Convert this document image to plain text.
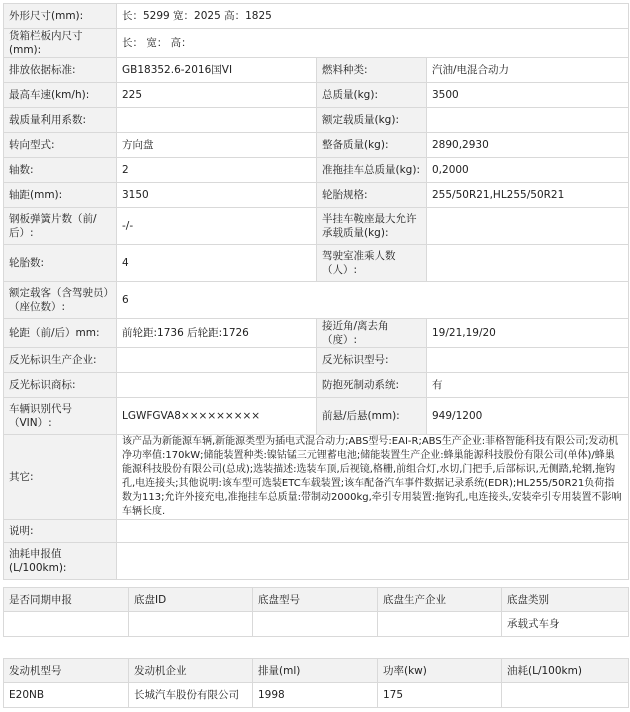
外形尺寸(mm):	长：5299 宽：2025 高：1825		
货箱栏板内尺寸(mm):	长： 宽： 高：		
排放依据标准:	GB18352.6-2016国VI	燃料种类:	汽油/电混合动力
最高车速(km/h):	225	总质量(kg):	3500
载质量利用系数:		额定载质量(kg):	
转向型式:	方向盘	整备质量(kg):	2890,2930
轴数:	2	准拖挂车总质量(kg):	0,2000
轴距(mm):	3150	轮胎规格:	255/50R21,HL255/50R21
钢板弹簧片数（前/后）:	-/-	半挂车鞍座最大允许承载质量(kg):	
轮胎数:	4	驾驶室准乘人数（人）:	
额定载客（含驾驶员）（座位数）:	6		
轮距（前/后）mm:	前轮距:1736 后轮距:1726	接近角/离去角（度）:	19/21,19/20
反光标识生产企业:		反光标识型号:	
反光标识商标:		防抱死制动系统:	有
车辆识别代号（VIN）:	LGWFGVA8×××××××××	前悬/后悬(mm):	949/1200
其它:	该产品为新能源车辆,新能源类型为插电式混合动力;ABS型号:EAI-R;ABS生产企业:菲格智能科技有限公司;发动机净功率值:170kW;储能装置种类:镍钴锰三元锂蓄电池;储能装置生产企业:蜂巢能源科技股份有限公司(单体)/蜂巢能源科技股份有限公司(总成);选装描述:选装车顶,后视镜,格栅,前组合灯,水切,门把手,后部标识,无侧踏,轮辋,拖钩孔,电连接头;其他说明:该车型可选装ETC车载装置;该车配备汽车事件数据记录系统(EDR);HL255/50R21负荷指数为113;允许外接充电,准拖挂车总质量:带制动2000kg,牵引专用装置:拖钩孔,电连接头,安装牵引专用装置不影响车辆长度.		
说明:			
油耗申报值(L/100km):			
是否同期申报	底盘ID	底盘型号	底盘生产企业	底盘类别
				承载式车身
发动机型号	发动机企业	排量(ml)	功率(kw)	油耗(L/100km)
E20NB	长城汽车股份有限公司	1998	175	
